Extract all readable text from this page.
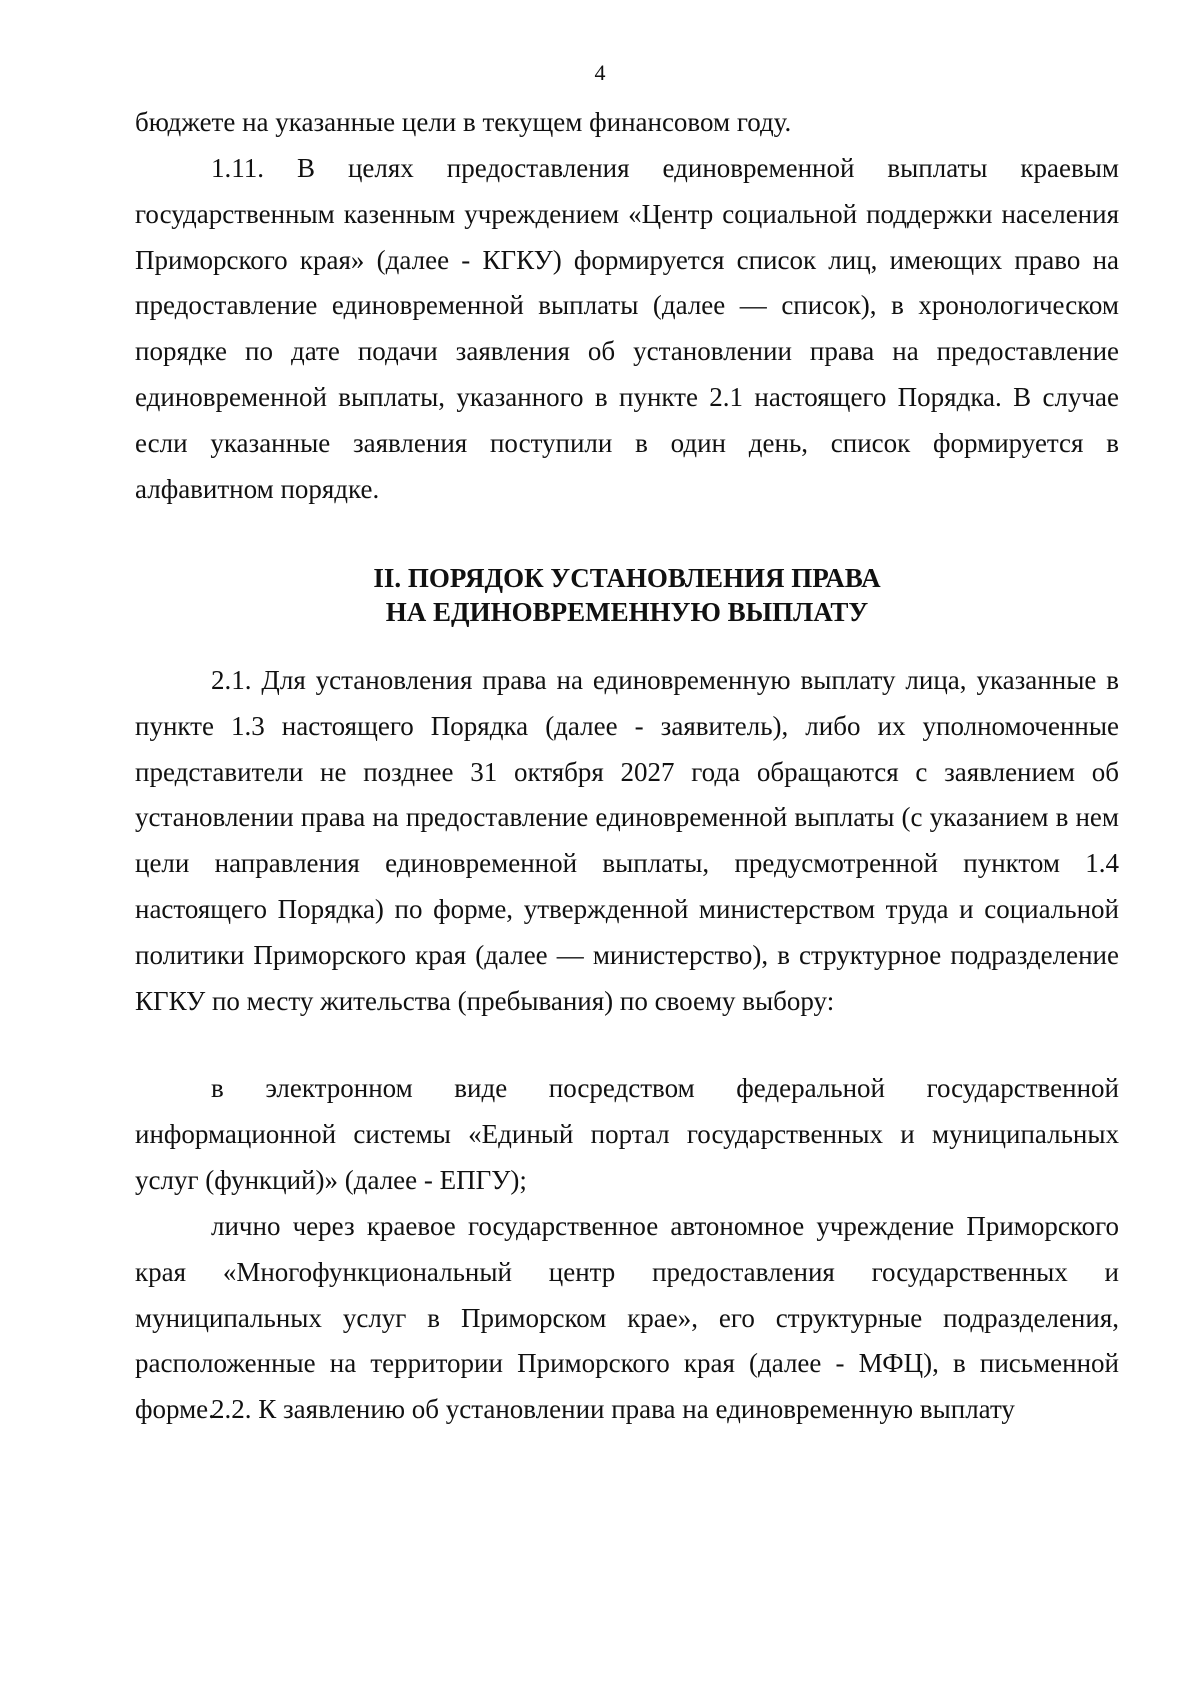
4

бюджете на указанные цели в текущем финансовом году.

1.11. В целях предоставления единовременной выплаты краевым государственным казенным учреждением «Центр социальной поддержки населения Приморского края» (далее - КГКУ) формируется список лиц, имеющих право на предоставление единовременной выплаты (далее — список), в хронологическом порядке по дате подачи заявления об установлении права на предоставление единовременной выплаты, указанного в пункте 2.1 настоящего Порядка. В случае если указанные заявления поступили в один день, список формируется в алфавитном порядке.

II. ПОРЯДОК УСТАНОВЛЕНИЯ ПРАВА
НА ЕДИНОВРЕМЕННУЮ ВЫПЛАТУ

2.1. Для установления права на единовременную выплату лица, указанные в пункте 1.3 настоящего Порядка (далее - заявитель), либо их уполномоченные представители не позднее 31 октября 2027 года обращаются с заявлением об установлении права на предоставление единовременной выплаты (с указанием в нем цели направления единовременной выплаты, предусмотренной пунктом 1.4 настоящего Порядка) по форме, утвержденной министерством труда и социальной политики Приморского края (далее — министерство), в структурное подразделение КГКУ по месту жительства (пребывания) по своему выбору:

в электронном виде посредством федеральной государственной информационной системы «Единый портал государственных и муниципальных услуг (функций)» (далее - ЕПГУ);

лично через краевое государственное автономное учреждение Приморского края «Многофункциональный центр предоставления государственных и муниципальных услуг в Приморском крае», его структурные подразделения, расположенные на территории Приморского края (далее - МФЦ), в письменной форме.

2.2. К заявлению об установлении права на единовременную выплату
